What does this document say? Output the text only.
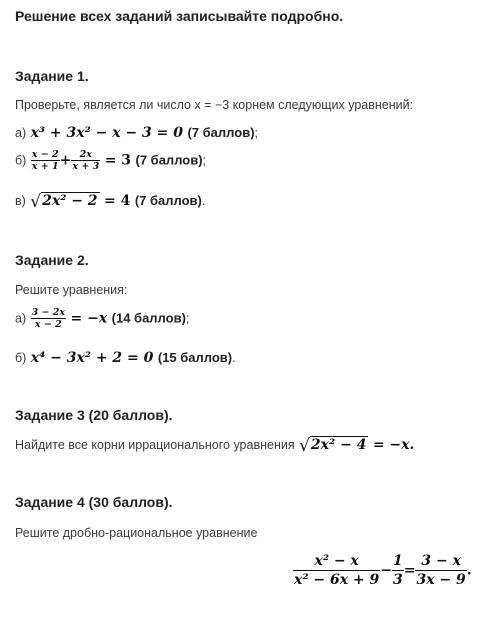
Решение всех заданий записывайте подробно.
Задание 1.
Проверьте, является ли число x = −3 корнем следующих уравнений:
а) x³ + 3x² − x − 3 = 0 (7 баллов);
$б) \frac{x - 2}{x + 1} + \frac{2x}{x + 3} = 3$ (7 баллов);
в) √2x² − 2 = 4 (7 баллов).
Задание 2.
Решите уравнения:
$а) \frac{3 - 2x}{x - 2} = -x$ (14 баллов);
б) x⁴ − 3x² + 2 = 0 (15 баллов).
Задание 3 (20 баллов).
Найдите все корни иррационального уравнения √2x² − 4 = −x.
Задание 4 (30 баллов).
Решите дробно-рациональное уравнение
$\frac{\text{x² − x}}{\text{x² − 6x + 9}} - \frac{1}{3} = \frac{3 - x}{3x - 9}$ .
